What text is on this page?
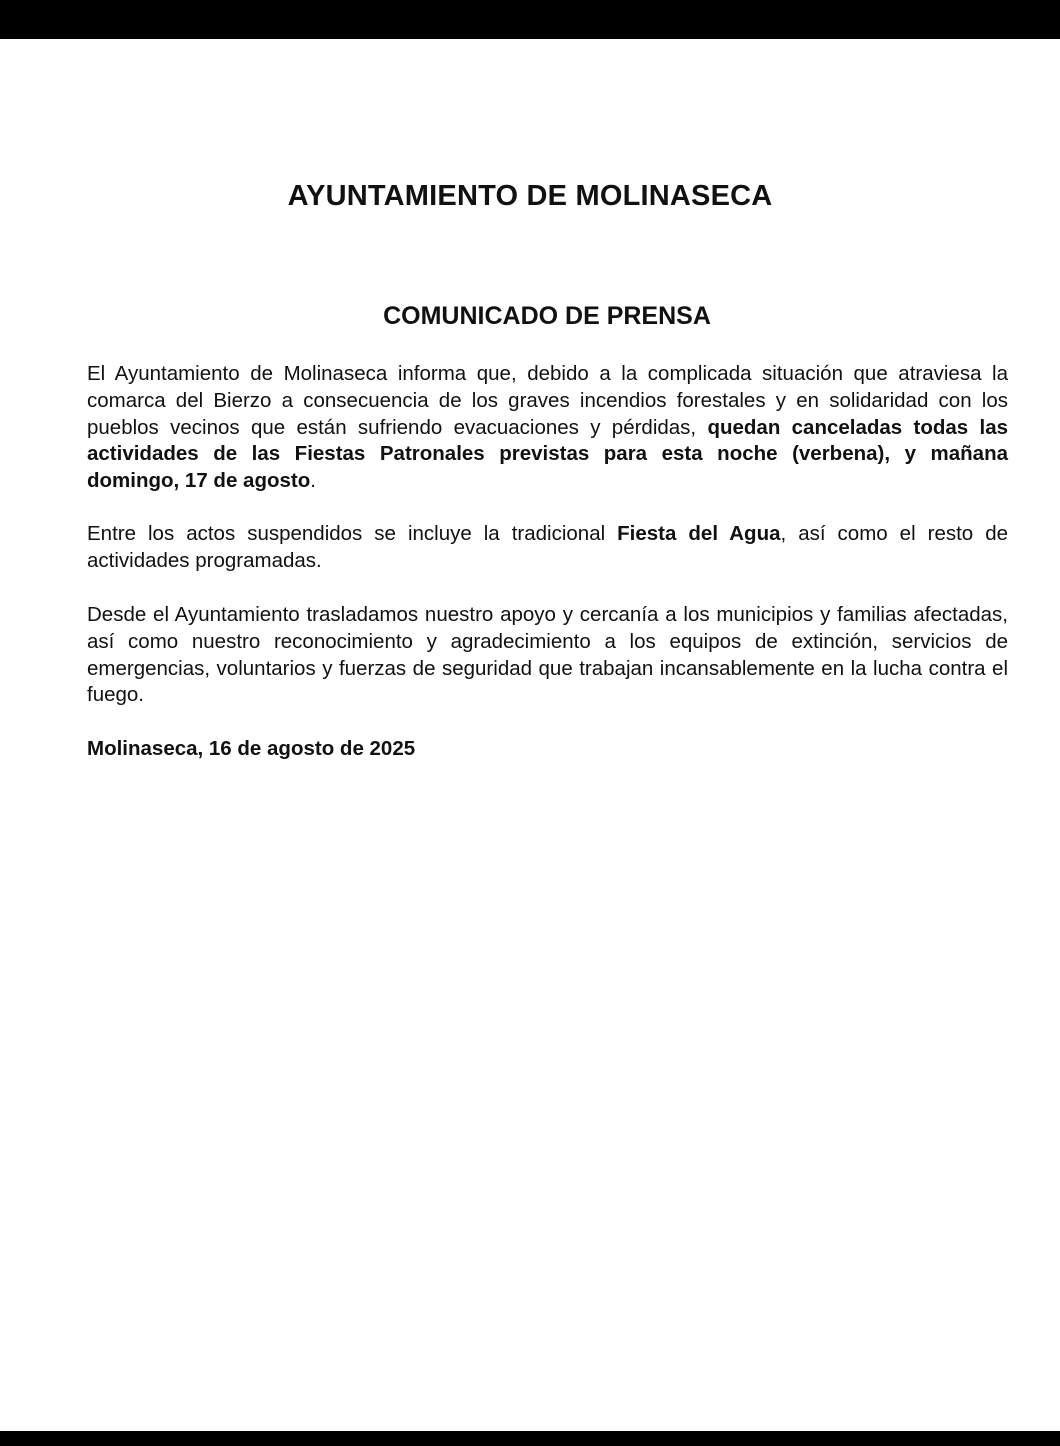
AYUNTAMIENTO DE MOLINASECA
COMUNICADO DE PRENSA

El Ayuntamiento de Molinaseca informa que, debido a la complicada situación que atraviesa la comarca del Bierzo a consecuencia de los graves incendios forestales y en solidaridad con los pueblos vecinos que están sufriendo evacuaciones y pérdidas, quedan canceladas todas las actividades de las Fiestas Patronales previstas para esta noche (verbena), y mañana domingo, 17 de agosto.

Entre los actos suspendidos se incluye la tradicional Fiesta del Agua, así como el resto de actividades programadas.

Desde el Ayuntamiento trasladamos nuestro apoyo y cercanía a los municipios y familias afectadas, así como nuestro reconocimiento y agradecimiento a los equipos de extinción, servicios de emergencias, voluntarios y fuerzas de seguridad que trabajan incansablemente en la lucha contra el fuego.

Molinaseca, 16 de agosto de 2025
